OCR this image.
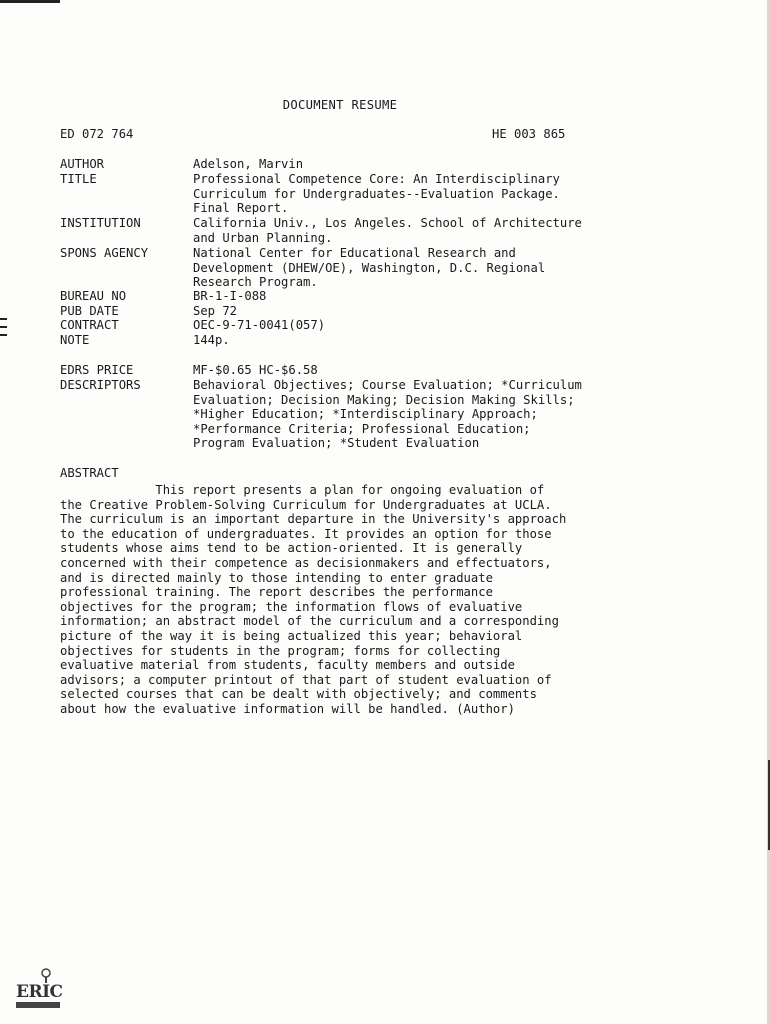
DOCUMENT RESUME
ED 072 764	HE 003 865
AUTHOR	Adelson, Marvin
TITLE	Professional Competence Core: An Interdisciplinary
Curriculum for Undergraduates--Evaluation Package.
Final Report.
INSTITUTION	California Univ., Los Angeles. School of Architecture
and Urban Planning.
SPONS AGENCY	National Center for Educational Research and
Development (DHEW/OE), Washington, D.C. Regional
Research Program.
BUREAU NO	BR-1-I-088
PUB DATE	Sep 72
CONTRACT	OEC-9-71-0041(057)
NOTE	144p.
EDRS PRICE	MF-$0.65 HC-$6.58
DESCRIPTORS	Behavioral Objectives; Course Evaluation; *Curriculum
Evaluation; Decision Making; Decision Making Skills;
*Higher Education; *Interdisciplinary Approach;
*Performance Criteria; Professional Education;
Program Evaluation; *Student Evaluation
ABSTRACT
This report presents a plan for ongoing evaluation of
the Creative Problem-Solving Curriculum for Undergraduates at UCLA.
The curriculum is an important departure in the University's approach
to the education of undergraduates. It provides an option for those
students whose aims tend to be action-oriented. It is generally
concerned with their competence as decisionmakers and effectuators,
and is directed mainly to those intending to enter graduate
professional training. The report describes the performance
objectives for the program; the information flows of evaluative
information; an abstract model of the curriculum and a corresponding
picture of the way it is being actualized this year; behavioral
objectives for students in the program; forms for collecting
evaluative material from students, faculty members and outside
advisors; a computer printout of that part of student evaluation of
selected courses that can be dealt with objectively; and comments
about how the evaluative information will be handled. (Author)
ERIC
